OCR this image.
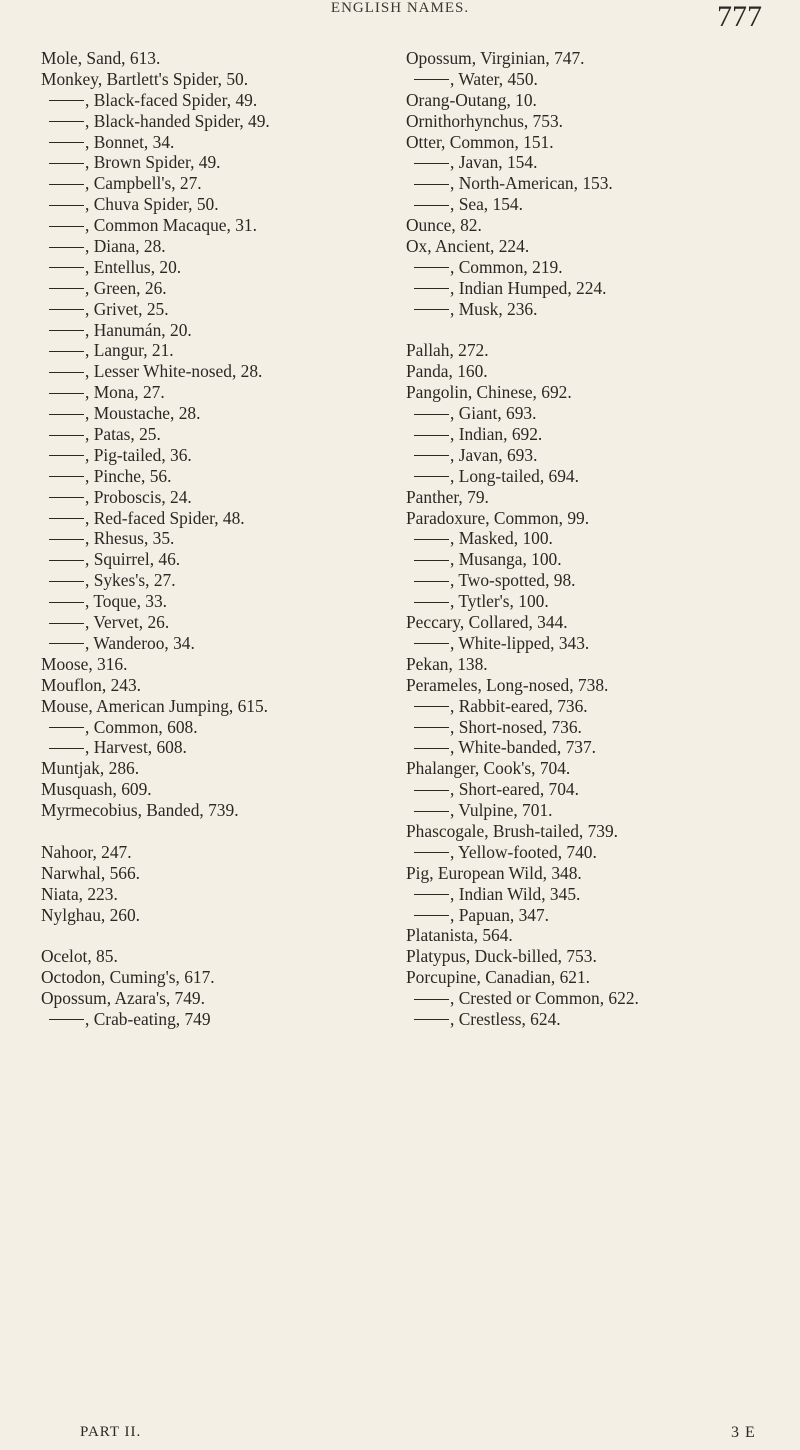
ENGLISH NAMES.	777
Mole, Sand, 613.
Monkey, Bartlett's Spider, 50.
, Black-faced Spider, 49.
, Black-handed Spider, 49.
, Bonnet, 34.
, Brown Spider, 49.
, Campbell's, 27.
, Chuva Spider, 50.
, Common Macaque, 31.
, Diana, 28.
, Entellus, 20.
, Green, 26.
, Grivet, 25.
, Hanumán, 20.
, Langur, 21.
, Lesser White-nosed, 28.
, Mona, 27.
, Moustache, 28.
, Patas, 25.
, Pig-tailed, 36.
, Pinche, 56.
, Proboscis, 24.
, Red-faced Spider, 48.
, Rhesus, 35.
, Squirrel, 46.
, Sykes's, 27.
, Toque, 33.
, Vervet, 26.
, Wanderoo, 34.
Moose, 316.
Mouflon, 243.
Mouse, American Jumping, 615.
, Common, 608.
, Harvest, 608.
Muntjak, 286.
Musquash, 609.
Myrmecobius, Banded, 739.
Nahoor, 247.
Narwhal, 566.
Niata, 223.
Nylghau, 260.
Ocelot, 85.
Octodon, Cuming's, 617.
Opossum, Azara's, 749.
, Crab-eating, 749
Opossum, Virginian, 747.
, Water, 450.
Orang-Outang, 10.
Ornithorhynchus, 753.
Otter, Common, 151.
, Javan, 154.
, North-American, 153.
, Sea, 154.
Ounce, 82.
Ox, Ancient, 224.
, Common, 219.
, Indian Humped, 224.
, Musk, 236.
Pallah, 272.
Panda, 160.
Pangolin, Chinese, 692.
, Giant, 693.
, Indian, 692.
, Javan, 693.
, Long-tailed, 694.
Panther, 79.
Paradoxure, Common, 99.
, Masked, 100.
, Musanga, 100.
, Two-spotted, 98.
, Tytler's, 100.
Peccary, Collared, 344.
, White-lipped, 343.
Pekan, 138.
Perameles, Long-nosed, 738.
, Rabbit-eared, 736.
, Short-nosed, 736.
, White-banded, 737.
Phalanger, Cook's, 704.
, Short-eared, 704.
, Vulpine, 701.
Phascogale, Brush-tailed, 739.
, Yellow-footed, 740.
Pig, European Wild, 348.
, Indian Wild, 345.
, Papuan, 347.
Platanista, 564.
Platypus, Duck-billed, 753.
Porcupine, Canadian, 621.
, Crested or Common, 622.
, Crestless, 624.
PART II.	3 E
